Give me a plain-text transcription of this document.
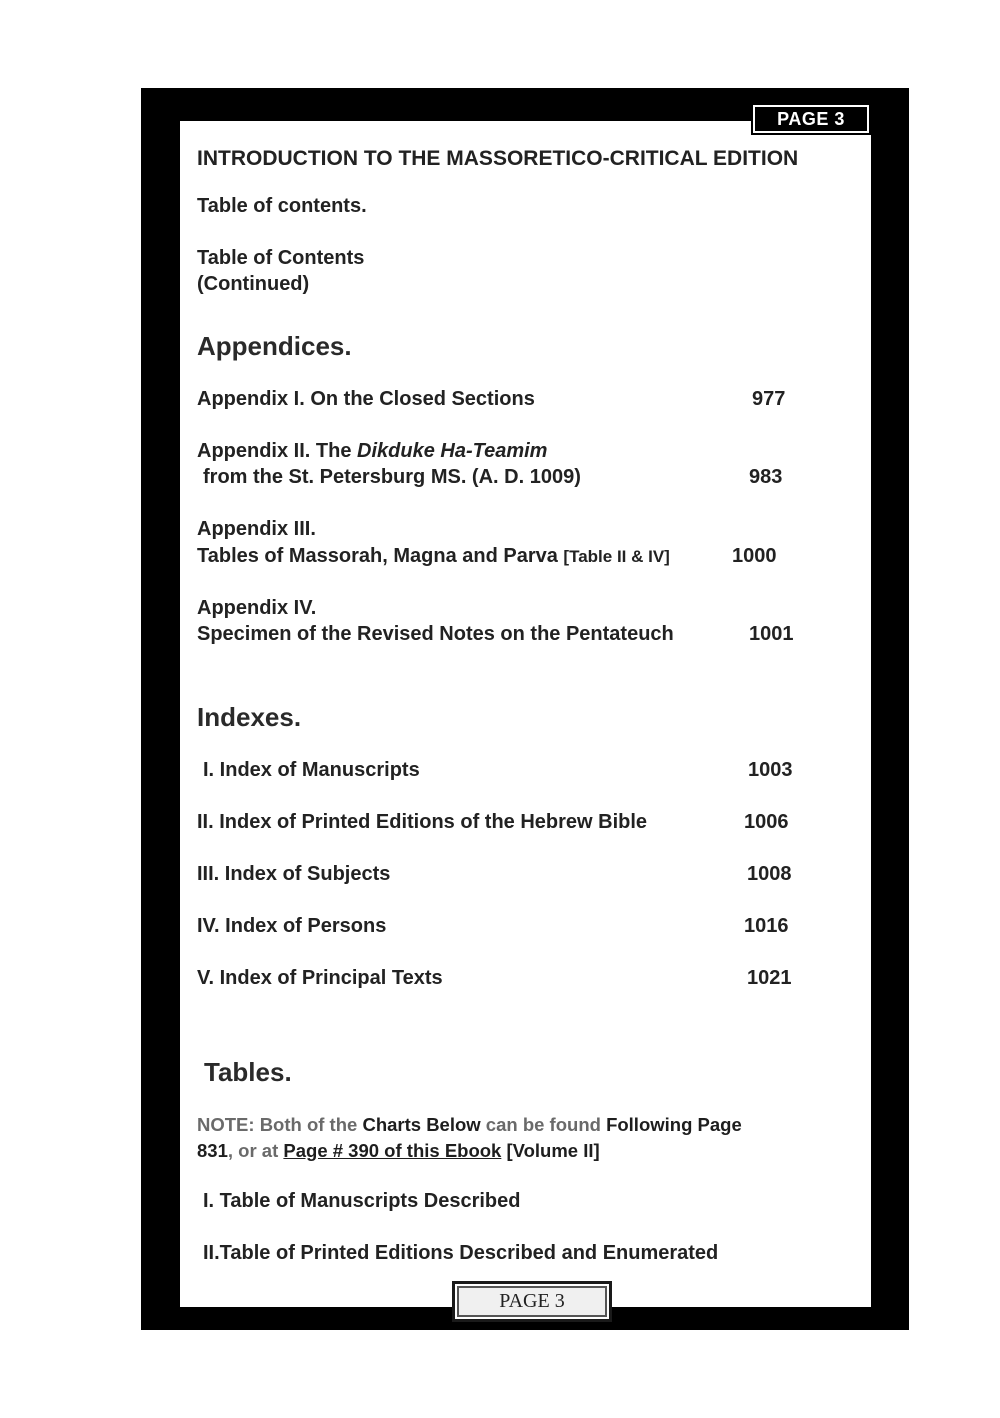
PAGE 3
INTRODUCTION TO THE MASSORETICO-CRITICAL EDITION
Table of contents.
Table of Contents
(Continued)
Appendices.
Appendix I. On the Closed Sections	977
Appendix II. The Dikduke Ha-Teamim
from the St. Petersburg MS. (A. D. 1009)	983
Appendix III.
Tables of Massorah, Magna and Parva [Table II & IV]	1000
Appendix IV.
Specimen of the Revised Notes on the Pentateuch	1001
Indexes.
I. Index of Manuscripts	1003
II. Index of Printed Editions of the Hebrew Bible	1006
III. Index of Subjects	1008
IV. Index of Persons	1016
V. Index of Principal Texts	1021
Tables.
NOTE: Both of the Charts Below can be found Following Page
831, or at Page # 390 of this Ebook [Volume II]
I. Table of Manuscripts Described
II.Table of Printed Editions Described and Enumerated
PAGE 3
